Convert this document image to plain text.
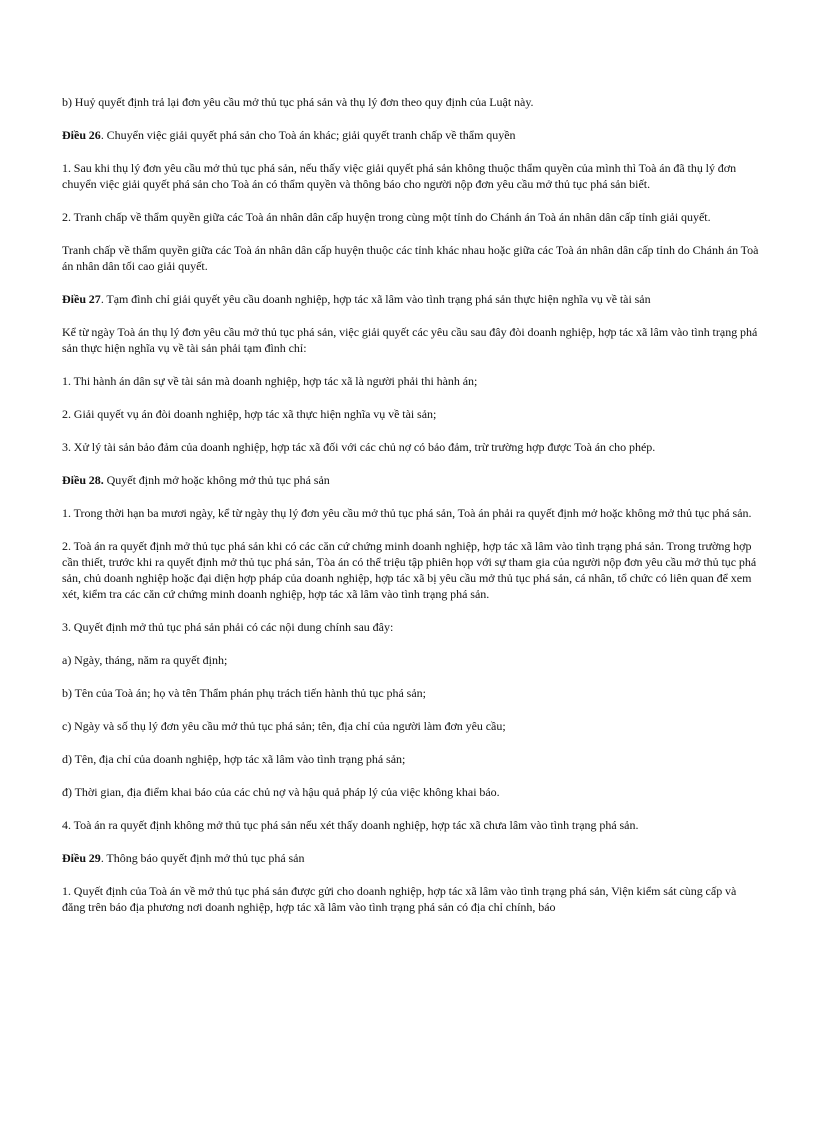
b) Huỷ quyết định trả lại đơn yêu cầu mở thủ tục phá sản và thụ lý đơn theo quy định của Luật này.

Điều 26. Chuyển việc giải quyết phá sản cho Toà án khác; giải quyết tranh chấp về thẩm quyền

1. Sau khi thụ lý đơn yêu cầu mở thủ tục phá sản, nếu thấy việc giải quyết phá sản không thuộc thẩm quyền của mình thì Toà án đã thụ lý đơn chuyển việc giải quyết phá sản cho Toà án có thẩm quyền và thông báo cho người nộp đơn yêu cầu mở thủ tục phá sản biết.

2. Tranh chấp về thẩm quyền giữa các Toà án nhân dân cấp huyện trong cùng một tỉnh do Chánh án Toà án nhân dân cấp tỉnh giải quyết.

Tranh chấp về thẩm quyền giữa các Toà án nhân dân cấp huyện thuộc các tỉnh khác nhau hoặc giữa các Toà án nhân dân cấp tỉnh do Chánh án Toà án nhân dân tối cao giải quyết.

Điều 27. Tạm đình chỉ giải quyết yêu cầu doanh nghiệp, hợp tác xã lâm vào tình trạng phá sản thực hiện nghĩa vụ về tài sản

Kể từ ngày Toà án thụ lý đơn yêu cầu mở thủ tục phá sản, việc giải quyết các yêu cầu sau đây đòi doanh nghiệp, hợp tác xã lâm vào tình trạng phá sản thực hiện nghĩa vụ về tài sản phải tạm đình chỉ:

1. Thi hành án dân sự về tài sản mà doanh nghiệp, hợp tác xã là người phải thi hành án;

2. Giải quyết vụ án đòi doanh nghiệp, hợp tác xã thực hiện nghĩa vụ về tài sản;

3. Xử lý tài sản bảo đảm của doanh nghiệp, hợp tác xã đối với các chủ nợ có bảo đảm, trừ trường hợp được Toà án cho phép.

Điều 28. Quyết định mở hoặc không mở thủ tục phá sản

1. Trong thời hạn ba mươi ngày, kể từ ngày thụ lý đơn yêu cầu mở thủ tục phá sản, Toà án phải ra quyết định mở hoặc không mở thủ tục phá sản.

2. Toà án ra quyết định mở thủ tục phá sản khi có các căn cứ chứng minh doanh nghiệp, hợp tác xã lâm vào tình trạng phá sản. Trong trường hợp cần thiết, trước khi ra quyết định mở thủ tục phá sản, Tòa án có thể triệu tập phiên họp với sự tham gia của người nộp đơn yêu cầu mở thủ tục phá sản, chủ doanh nghiệp hoặc đại diện hợp pháp của doanh nghiệp, hợp tác xã bị yêu cầu mở thủ tục phá sản, cá nhân, tổ chức có liên quan để xem xét, kiểm tra các căn cứ chứng minh doanh nghiệp, hợp tác xã lâm vào tình trạng phá sản.

3. Quyết định mở thủ tục phá sản phải có các nội dung chính sau đây:

a) Ngày, tháng, năm ra quyết định;

b) Tên của Toà án; họ và tên Thẩm phán phụ trách tiến hành thủ tục phá sản;

c) Ngày và số thụ lý đơn yêu cầu mở thủ tục phá sản; tên, địa chỉ của người làm đơn yêu cầu;

d) Tên, địa chỉ của doanh nghiệp, hợp tác xã lâm vào tình trạng phá sản;

đ) Thời gian, địa điểm khai báo của các chủ nợ và hậu quả pháp lý của việc không khai báo.

4. Toà án ra quyết định không mở thủ tục phá sản nếu xét thấy doanh nghiệp, hợp tác xã chưa lâm vào tình trạng phá sản.

Điều 29. Thông báo quyết định mở thủ tục phá sản

1. Quyết định của Toà án về mở thủ tục phá sản được gửi cho doanh nghiệp, hợp tác xã lâm vào tình trạng phá sản, Viện kiểm sát cùng cấp và đăng trên báo địa phương nơi doanh nghiệp, hợp tác xã lâm vào tình trạng phá sản có địa chỉ chính, báo
